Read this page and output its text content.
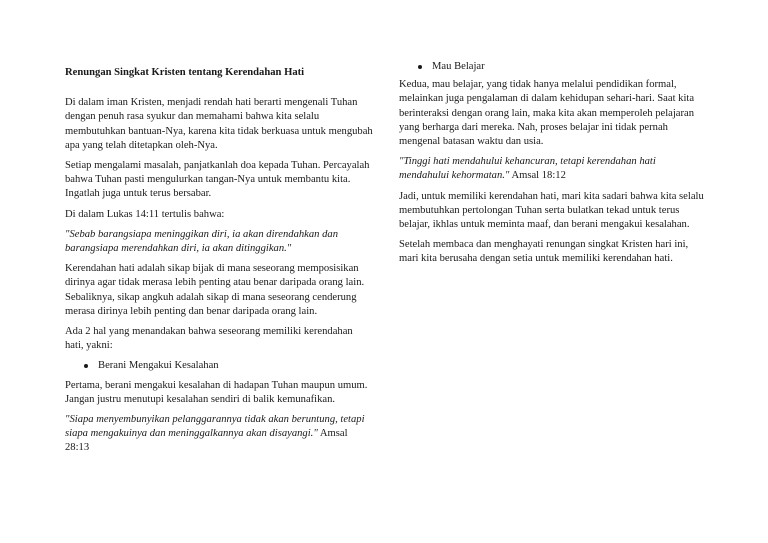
Renungan Singkat Kristen tentang Kerendahan Hati

Di dalam iman Kristen, menjadi rendah hati berarti mengenali Tuhan dengan penuh rasa syukur dan memahami bahwa kita selalu membutuhkan bantuan-Nya, karena kita tidak berkuasa untuk mengubah apa yang telah ditetapkan oleh-Nya.

Setiap mengalami masalah, panjatkanlah doa kepada Tuhan. Percayalah bahwa Tuhan pasti mengulurkan tangan-Nya untuk membantu kita. Ingatlah juga untuk terus bersabar.

Di dalam Lukas 14:11 tertulis bahwa:

"Sebab barangsiapa meninggikan diri, ia akan direndahkan dan barangsiapa merendahkan diri, ia akan ditinggikan."

Kerendahan hati adalah sikap bijak di mana seseorang memposisikan dirinya agar tidak merasa lebih penting atau benar daripada orang lain. Sebaliknya, sikap angkuh adalah sikap di mana seseorang cenderung merasa dirinya lebih penting dan benar daripada orang lain.

Ada 2 hal yang menandakan bahwa seseorang memiliki kerendahan hati, yakni:

Berani Mengakui Kesalahan

Pertama, berani mengakui kesalahan di hadapan Tuhan maupun umum. Jangan justru menutupi kesalahan sendiri di balik kemunafikan.

"Siapa menyembunyikan pelanggarannya tidak akan beruntung, tetapi siapa mengakuinya dan meninggalkannya akan disayangi." Amsal 28:13

Mau Belajar

Kedua, mau belajar, yang tidak hanya melalui pendidikan formal, melainkan juga pengalaman di dalam kehidupan sehari-hari. Saat kita berinteraksi dengan orang lain, maka kita akan memperoleh pelajaran yang berharga dari mereka. Nah, proses belajar ini tidak pernah mengenal batasan waktu dan usia.

"Tinggi hati mendahului kehancuran, tetapi kerendahan hati mendahului kehormatan." Amsal 18:12

Jadi, untuk memiliki kerendahan hati, mari kita sadari bahwa kita selalu membutuhkan pertolongan Tuhan serta bulatkan tekad untuk terus belajar, ikhlas untuk meminta maaf, dan berani mengakui kesalahan.

Setelah membaca dan menghayati renungan singkat Kristen hari ini, mari kita berusaha dengan setia untuk memiliki kerendahan hati.
